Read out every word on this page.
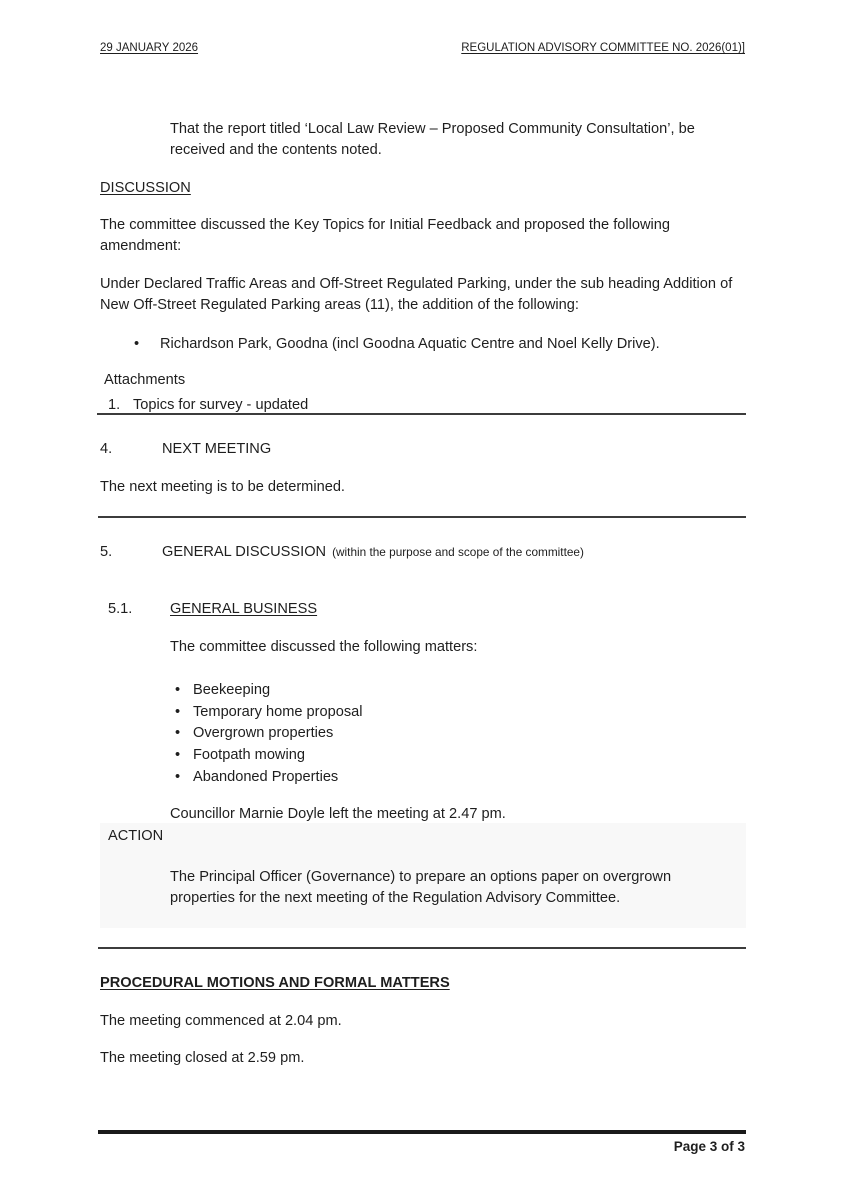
29 JANUARY 2026	REGULATION ADVISORY COMMITTEE NO. 2026(01)]
That the report titled ‘Local Law Review – Proposed Community Consultation’, be received and the contents noted.
DISCUSSION
The committee discussed the Key Topics for Initial Feedback and proposed the following amendment:
Under Declared Traffic Areas and Off-Street Regulated Parking, under the sub heading Addition of New Off-Street Regulated Parking areas (11), the addition of the following:
•	Richardson Park, Goodna (incl Goodna Aquatic Centre and Noel Kelly Drive).
Attachments
1. Topics for survey - updated
4.	NEXT MEETING
The next meeting is to be determined.
5.	GENERAL DISCUSSION (within the purpose and scope of the committee)
5.1.	GENERAL BUSINESS
The committee discussed the following matters:
• Beekeeping
• Temporary home proposal
• Overgrown properties
• Footpath mowing
• Abandoned Properties
Councillor Marnie Doyle left the meeting at 2.47 pm.
ACTION
The Principal Officer (Governance) to prepare an options paper on overgrown properties for the next meeting of the Regulation Advisory Committee.
PROCEDURAL MOTIONS AND FORMAL MATTERS
The meeting commenced at 2.04 pm.
The meeting closed at 2.59 pm.
Page 3 of 3
